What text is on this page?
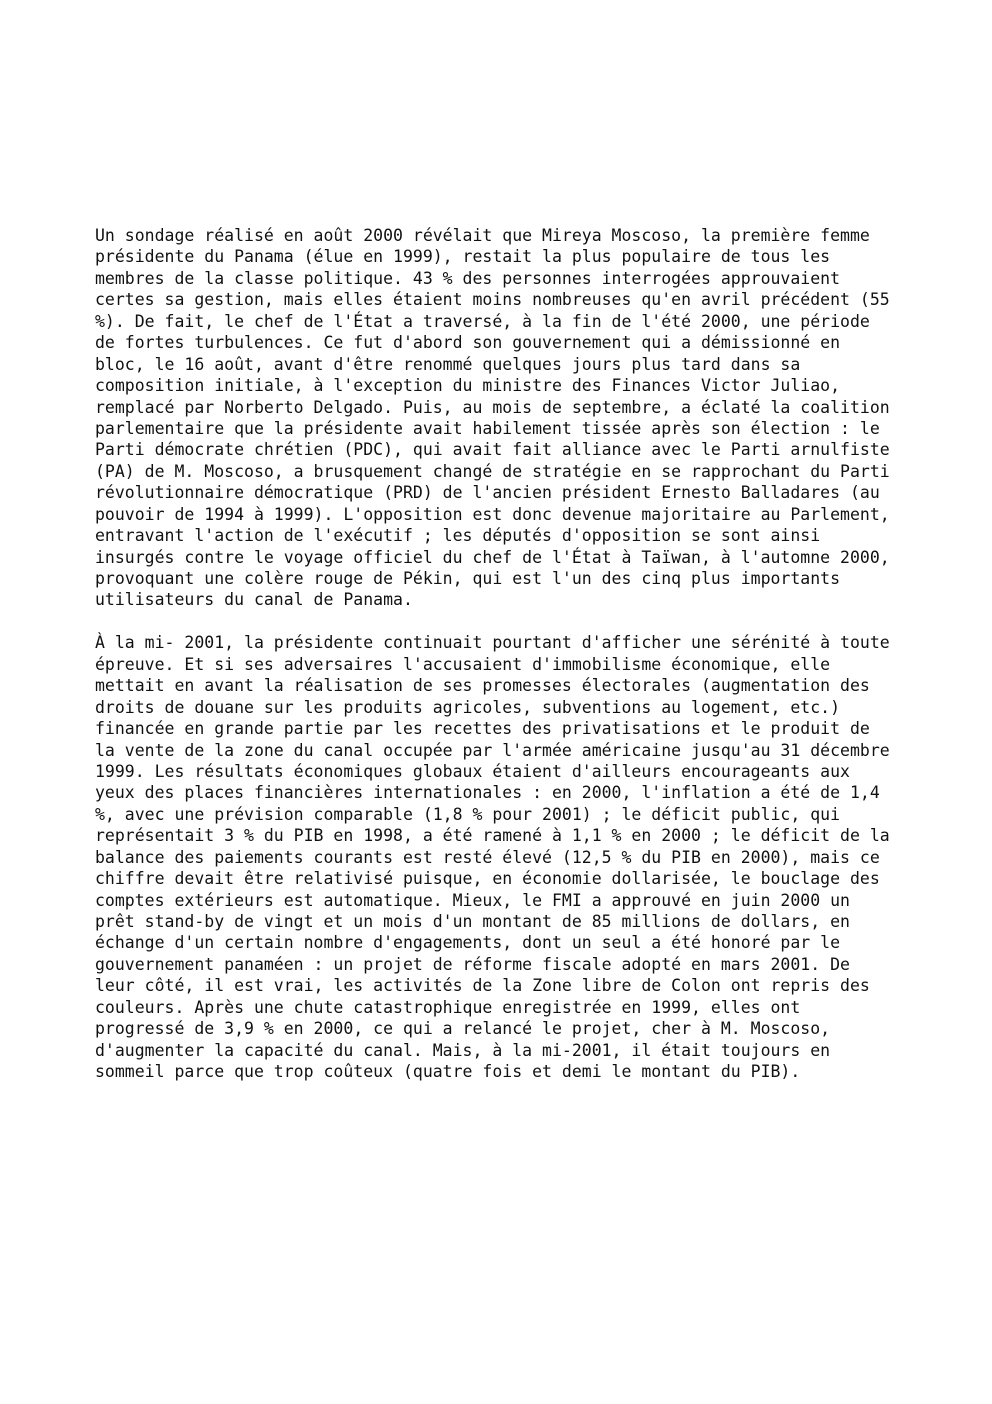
Un sondage réalisé en août 2000 révélait que Mireya Moscoso, la première femme
présidente du Panama (élue en 1999), restait la plus populaire de tous les
membres de la classe politique. 43 % des personnes interrogées approuvaient
certes sa gestion, mais elles étaient moins nombreuses qu'en avril précédent (55
%). De fait, le chef de l'État a traversé, à la fin de l'été 2000, une période
de fortes turbulences. Ce fut d'abord son gouvernement qui a démissionné en
bloc, le 16 août, avant d'être renommé quelques jours plus tard dans sa
composition initiale, à l'exception du ministre des Finances Victor Juliao,
remplacé par Norberto Delgado. Puis, au mois de septembre, a éclaté la coalition
parlementaire que la présidente avait habilement tissée après son élection : le
Parti démocrate chrétien (PDC), qui avait fait alliance avec le Parti arnulfiste
(PA) de M. Moscoso, a brusquement changé de stratégie en se rapprochant du Parti
révolutionnaire démocratique (PRD) de l'ancien président Ernesto Balladares (au
pouvoir de 1994 à 1999). L'opposition est donc devenue majoritaire au Parlement,
entravant l'action de l'exécutif ; les députés d'opposition se sont ainsi
insurgés contre le voyage officiel du chef de l'État à Taïwan, à l'automne 2000,
provoquant une colère rouge de Pékin, qui est l'un des cinq plus importants
utilisateurs du canal de Panama.
À la mi- 2001, la présidente continuait pourtant d'afficher une sérénité à toute
épreuve. Et si ses adversaires l'accusaient d'immobilisme économique, elle
mettait en avant la réalisation de ses promesses électorales (augmentation des
droits de douane sur les produits agricoles, subventions au logement, etc.)
financée en grande partie par les recettes des privatisations et le produit de
la vente de la zone du canal occupée par l'armée américaine jusqu'au 31 décembre
1999. Les résultats économiques globaux étaient d'ailleurs encourageants aux
yeux des places financières internationales : en 2000, l'inflation a été de 1,4
%, avec une prévision comparable (1,8 % pour 2001) ; le déficit public, qui
représentait 3 % du PIB en 1998, a été ramené à 1,1 % en 2000 ; le déficit de la
balance des paiements courants est resté élevé (12,5 % du PIB en 2000), mais ce
chiffre devait être relativisé puisque, en économie dollarisée, le bouclage des
comptes extérieurs est automatique. Mieux, le FMI a approuvé en juin 2000 un
prêt stand-by de vingt et un mois d'un montant de 85 millions de dollars, en
échange d'un certain nombre d'engagements, dont un seul a été honoré par le
gouvernement panaméen : un projet de réforme fiscale adopté en mars 2001. De
leur côté, il est vrai, les activités de la Zone libre de Colon ont repris des
couleurs. Après une chute catastrophique enregistrée en 1999, elles ont
progressé de 3,9 % en 2000, ce qui a relancé le projet, cher à M. Moscoso,
d'augmenter la capacité du canal. Mais, à la mi-2001, il était toujours en
sommeil parce que trop coûteux (quatre fois et demi le montant du PIB).
